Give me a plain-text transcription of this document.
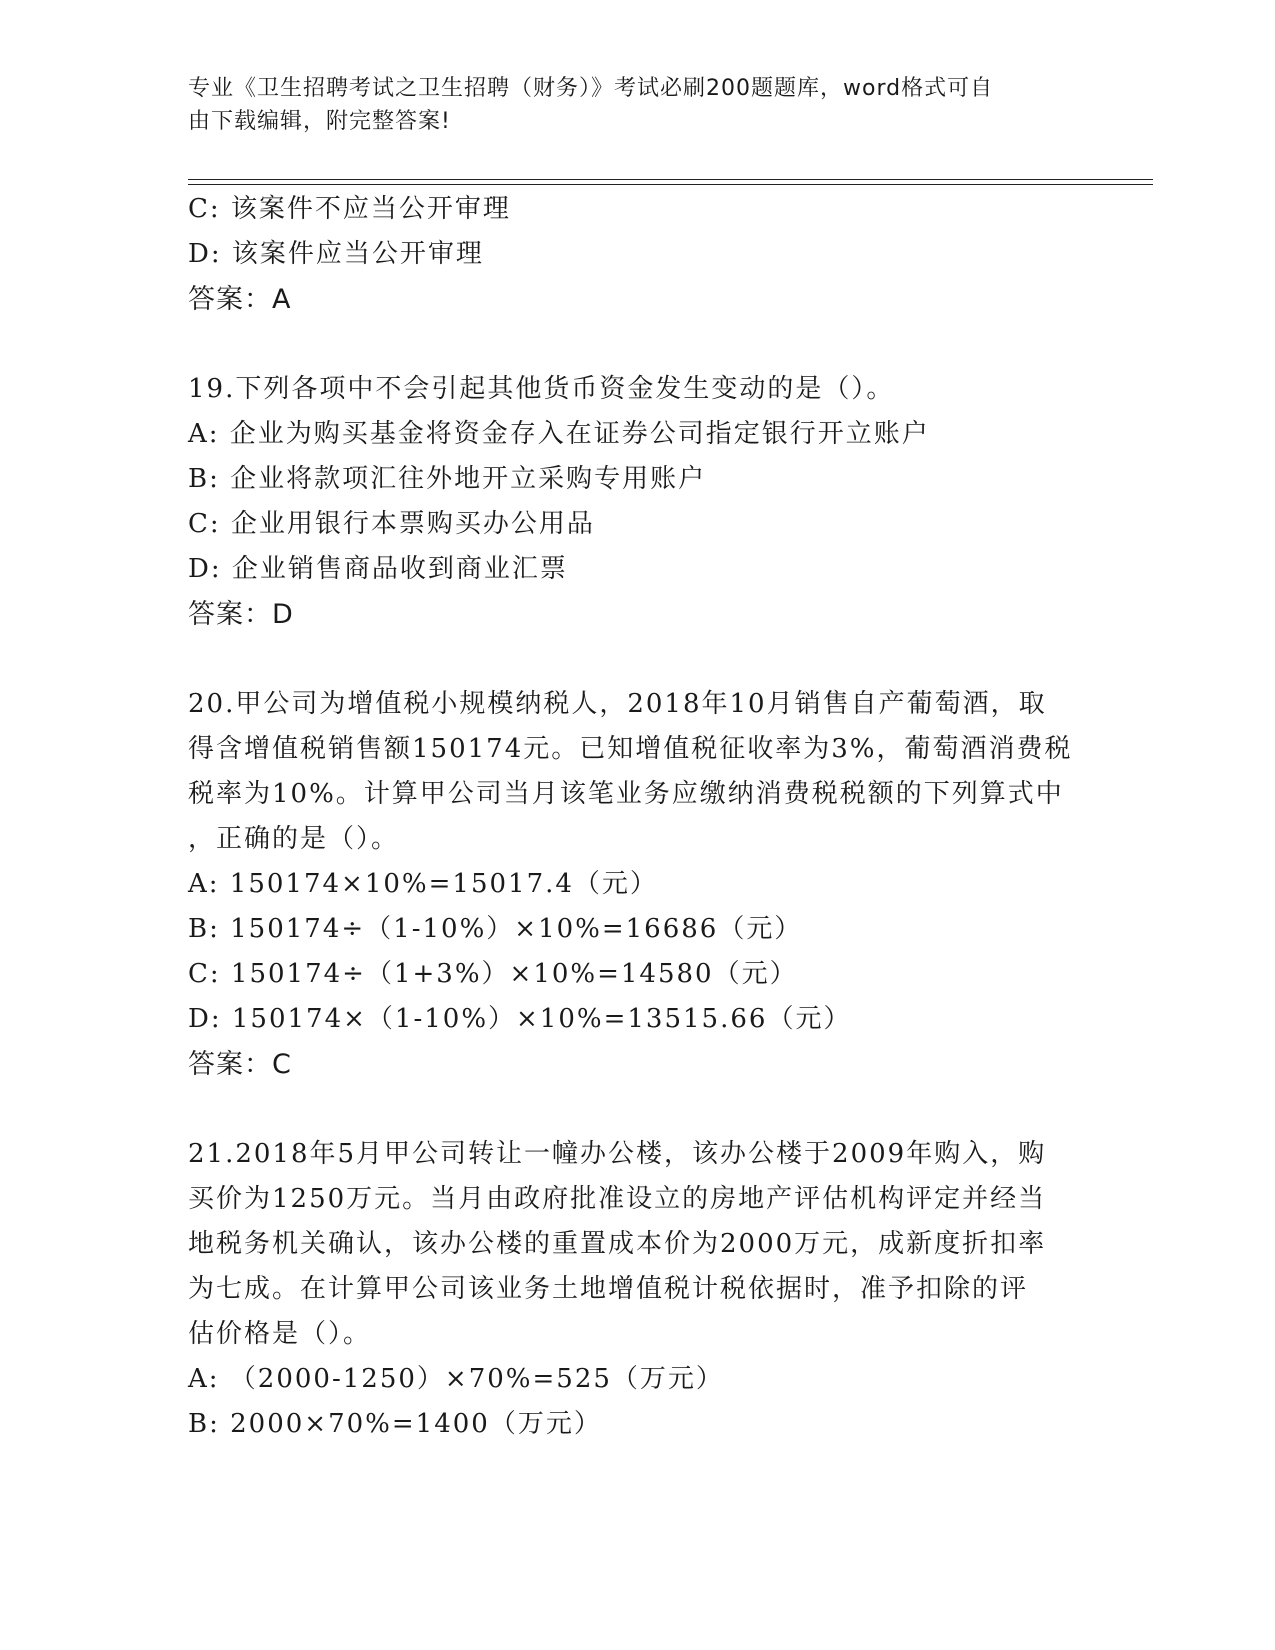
专业《卫生招聘考试之卫生招聘（财务）》考试必刷200题题库，word格式可自
由下载编辑，附完整答案!
C: 该案件不应当公开审理
D: 该案件应当公开审理
答案：A
19.下列各项中不会引起其他货币资金发生变动的是（）。
A: 企业为购买基金将资金存入在证券公司指定银行开立账户
B: 企业将款项汇往外地开立采购专用账户
C: 企业用银行本票购买办公用品
D: 企业销售商品收到商业汇票
答案：D
20.甲公司为增值税小规模纳税人，2018年10月销售自产葡萄酒，取
得含增值税销售额150174元。已知增值税征收率为3%，葡萄酒消费税
税率为10%。计算甲公司当月该笔业务应缴纳消费税税额的下列算式中
，正确的是（）。
A: 150174×10%=15017.4（元）
B: 150174÷（1-10%）×10%=16686（元）
C: 150174÷（1+3%）×10%=14580（元）
D: 150174×（1-10%）×10%=13515.66（元）
答案：C
21.2018年5月甲公司转让一幢办公楼，该办公楼于2009年购入，购
买价为1250万元。当月由政府批准设立的房地产评估机构评定并经当
地税务机关确认，该办公楼的重置成本价为2000万元，成新度折扣率
为七成。在计算甲公司该业务土地增值税计税依据时，准予扣除的评
估价格是（）。
A: （2000-1250）×70%=525（万元）
B: 2000×70%=1400（万元）
